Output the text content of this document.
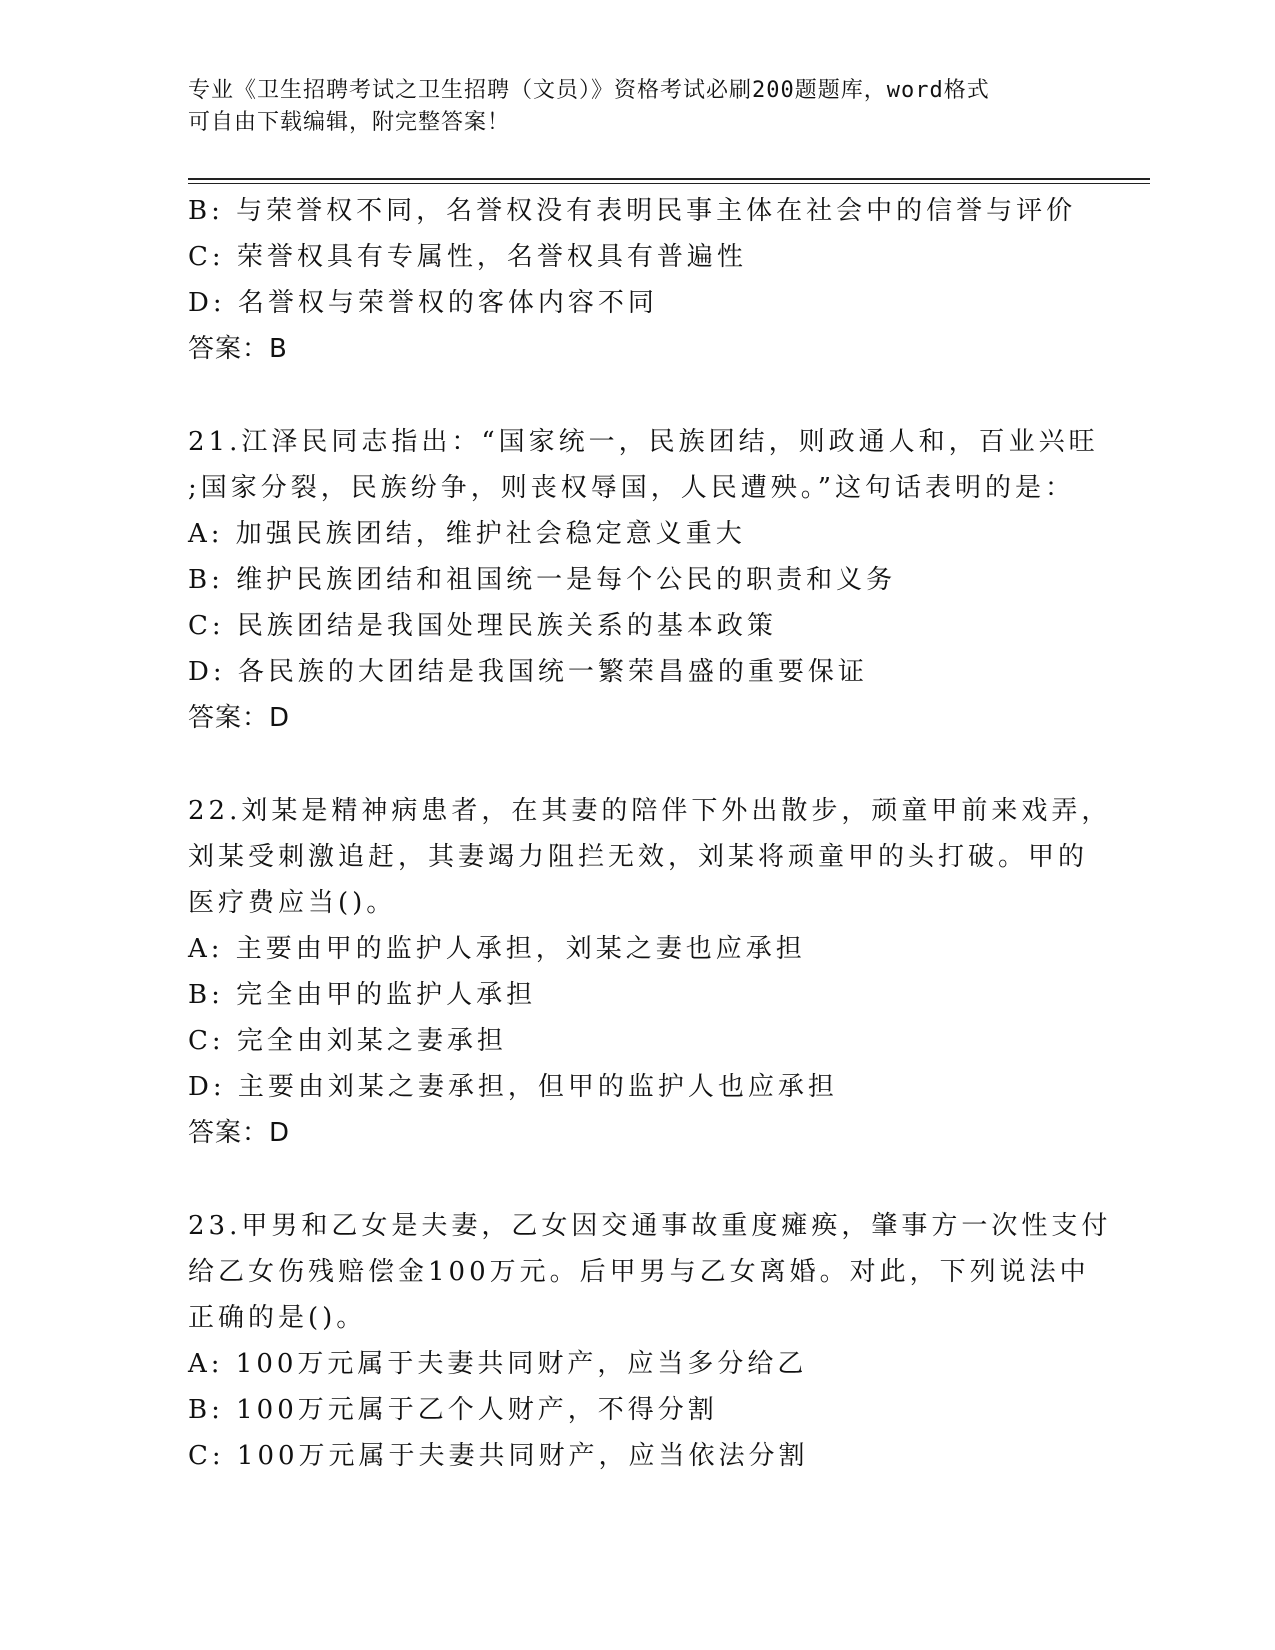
专业《卫生招聘考试之卫生招聘（文员）》资格考试必刷200题题库，word格式

可自由下载编辑，附完整答案！

B: 与荣誉权不同，名誉权没有表明民事主体在社会中的信誉与评价
C: 荣誉权具有专属性，名誉权具有普遍性
D: 名誉权与荣誉权的客体内容不同
答案：B
21.江泽民同志指出：“国家统一，民族团结，则政通人和，百业兴旺
;国家分裂，民族纷争，则丧权辱国，人民遭殃。”这句话表明的是：
A: 加强民族团结，维护社会稳定意义重大
B: 维护民族团结和祖国统一是每个公民的职责和义务
C: 民族团结是我国处理民族关系的基本政策
D: 各民族的大团结是我国统一繁荣昌盛的重要保证
答案：D
22.刘某是精神病患者，在其妻的陪伴下外出散步，顽童甲前来戏弄，
刘某受刺激追赶，其妻竭力阻拦无效，刘某将顽童甲的头打破。甲的
医疗费应当()。
A: 主要由甲的监护人承担，刘某之妻也应承担
B: 完全由甲的监护人承担
C: 完全由刘某之妻承担
D: 主要由刘某之妻承担，但甲的监护人也应承担
答案：D
23.甲男和乙女是夫妻，乙女因交通事故重度瘫痪，肇事方一次性支付
给乙女伤残赔偿金100万元。后甲男与乙女离婚。对此，下列说法中
正确的是()。
A: 100万元属于夫妻共同财产，应当多分给乙
B: 100万元属于乙个人财产，不得分割
C: 100万元属于夫妻共同财产，应当依法分割
